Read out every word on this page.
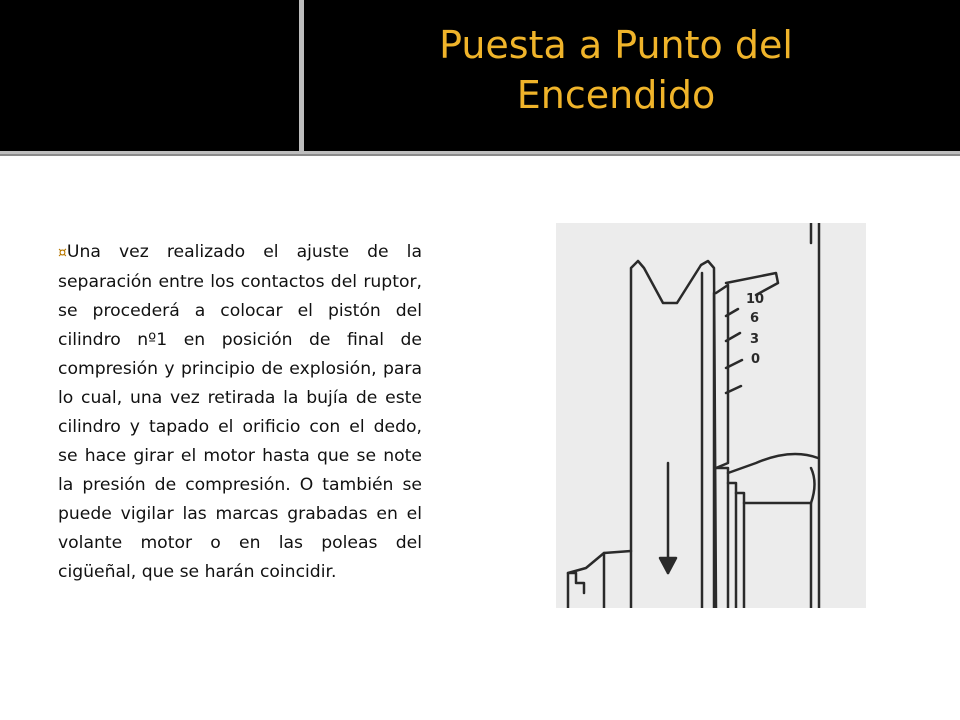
Puesta a Punto del
Encendido

¤Una vez realizado el ajuste de la separación entre los contactos del ruptor, se procederá a colocar el pistón del cilindro nº1 en posición de final de compresión y principio de explosión, para lo cual, una vez retirada la bujía de este cilindro y tapado el orificio con el dedo, se hace girar el motor hasta que se note la presión de compresión. O también se puede vigilar las marcas grabadas en el volante motor o en las poleas del cigüeñal, que se harán coincidir.

10
6
3
0
